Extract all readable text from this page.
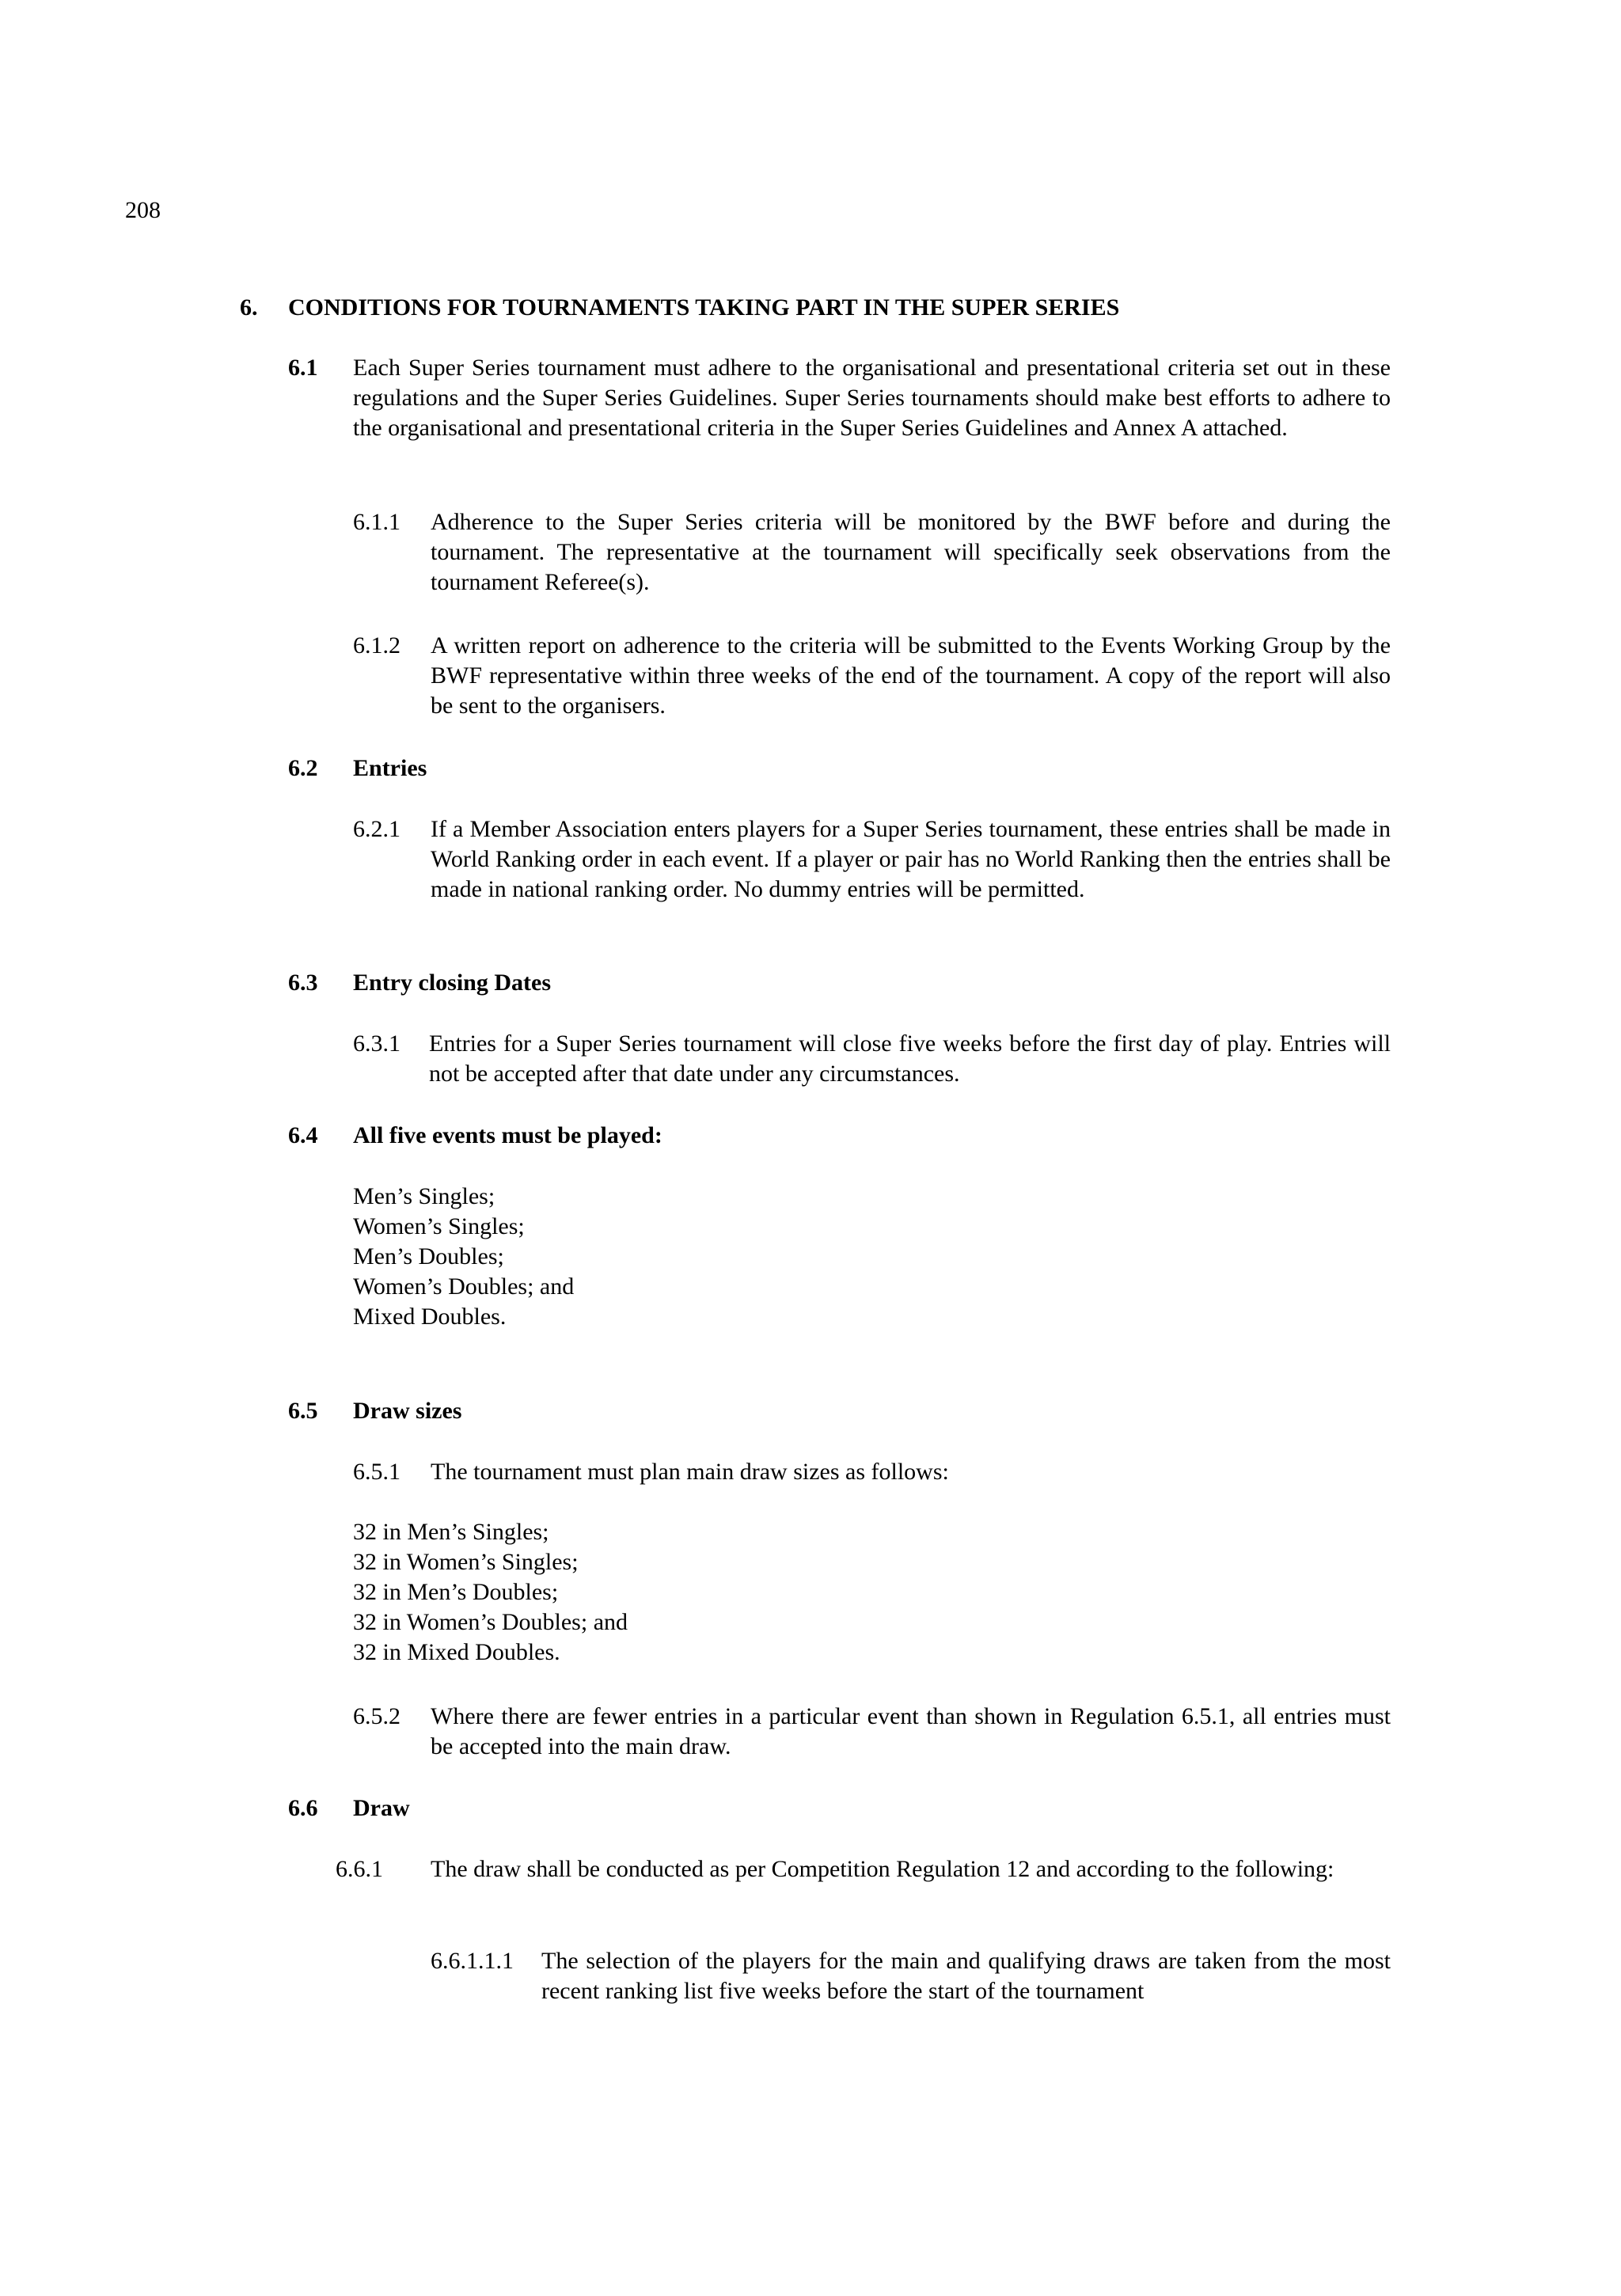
208
6. CONDITIONS FOR TOURNAMENTS TAKING PART IN THE SUPER SERIES
6.1 Each Super Series tournament must adhere to the organisational and presentational criteria set out in these regulations and the Super Series Guidelines. Super Series tournaments should make best efforts to adhere to the organisational and presentational criteria in the Super Series Guidelines and Annex A attached.

6.1.1 Adherence to the Super Series criteria will be monitored by the BWF before and during the tournament. The representative at the tournament will specifically seek observations from the tournament Referee(s).

6.1.2 A written report on adherence to the criteria will be submitted to the Events Working Group by the BWF representative within three weeks of the end of the tournament. A copy of the report will also be sent to the organisers.

6.2 Entries
6.2.1 If a Member Association enters players for a Super Series tournament, these entries shall be made in World Ranking order in each event. If a player or pair has no World Ranking then the entries shall be made in national ranking order. No dummy entries will be permitted.

6.3 Entry closing Dates
6.3.1 Entries for a Super Series tournament will close five weeks before the first day of play. Entries will not be accepted after that date under any circumstances.

6.4 All five events must be played:
Men’s Singles;
Women’s Singles;
Men’s Doubles;
Women’s Doubles; and
Mixed Doubles.
6.5 Draw sizes
6.5.1 The tournament must plan main draw sizes as follows:
32 in Men’s Singles;
32 in Women’s Singles;
32 in Men’s Doubles;
32 in Women’s Doubles; and
32 in Mixed Doubles.
6.5.2 Where there are fewer entries in a particular event than shown in Regulation 6.5.1, all entries must be accepted into the main draw.

6.6 Draw
6.6.1 The draw shall be conducted as per Competition Regulation 12 and according to the following:

6.6.1.1.1 The selection of the players for the main and qualifying draws are taken from the most recent ranking list five weeks before the start of the tournament
